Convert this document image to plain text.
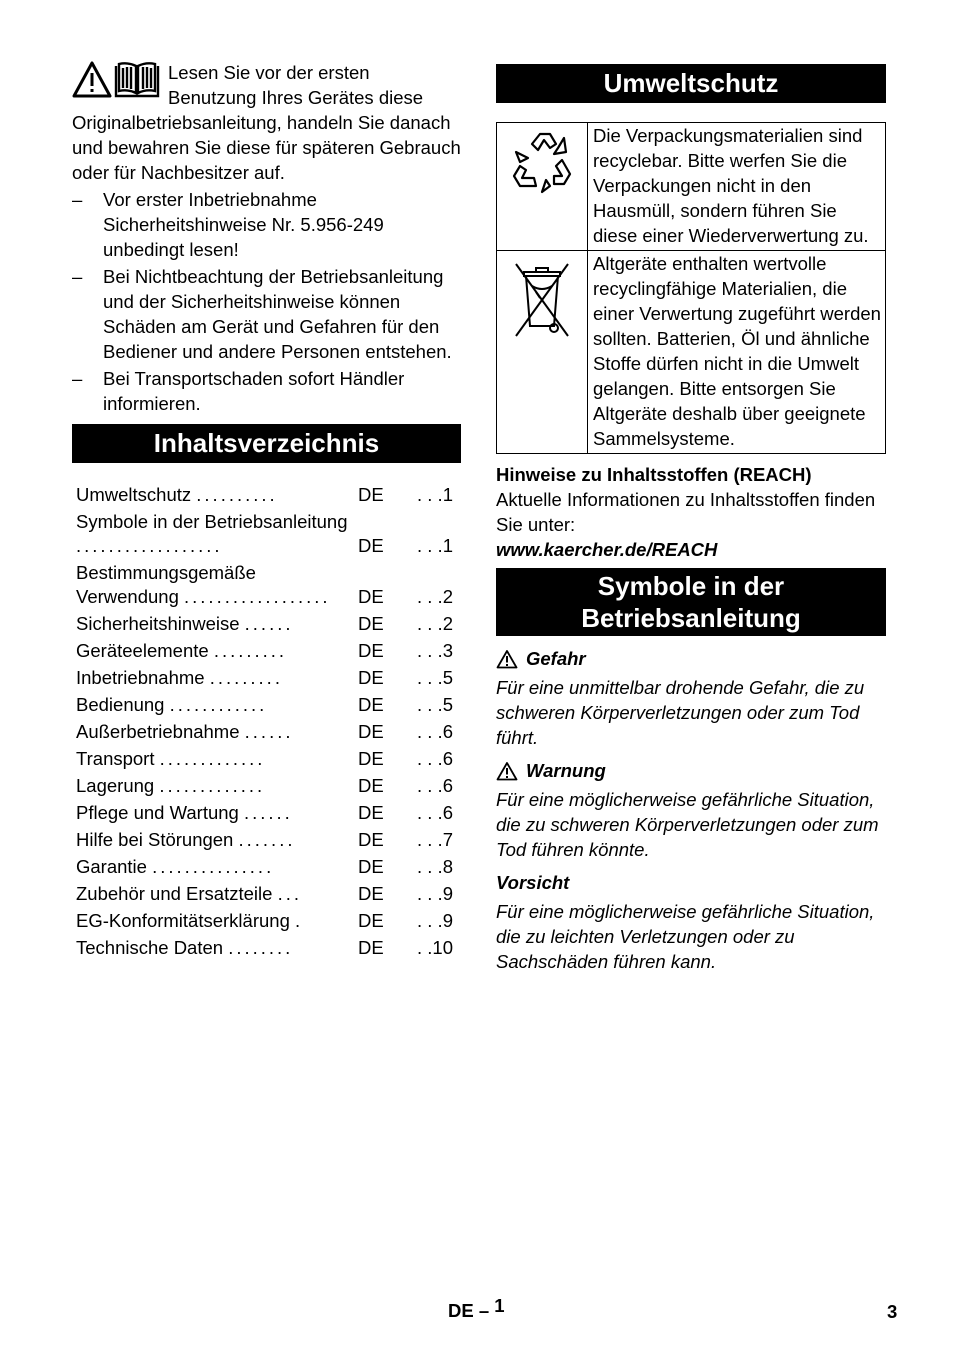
Lesen Sie vor der ersten Benutzung Ihres Gerätes diese Originalbetriebsanleitung, handeln Sie danach und bewahren Sie diese für späteren Gebrauch oder für Nachbesitzer auf.

– Vor erster Inbetriebnahme Sicherheitshinweise Nr. 5.956-249 unbedingt lesen!
– Bei Nichtbeachtung der Betriebsanleitung und der Sicherheitshinweise können Schäden am Gerät und Gefahren für den Bediener und andere Personen entstehen.
– Bei Transportschaden sofort Händler informieren.
Inhaltsverzeichnis
Umweltschutz ..........	DE	. . .1
Symbole in der Betriebsanleitung ..................	DE	. . .1
Bestimmungsgemäße Verwendung ..................	DE	. . .2
Sicherheitshinweise ......	DE	. . .2
Geräteelemente .........	DE	. . .3
Inbetriebnahme .........	DE	. . .5
Bedienung ............	DE	. . .5
Außerbetriebnahme ......	DE	. . .6
Transport .............	DE	. . .6
Lagerung .............	DE	. . .6
Pflege und Wartung ......	DE	. . .6
Hilfe bei Störungen .......	DE	. . .7
Garantie ...............	DE	. . .8
Zubehör und Ersatzteile ...	DE	. . .9
EG-Konformitätserklärung .	DE	. . .9
Technische Daten ........	DE	. .10
Umweltschutz
	Die Verpackungsmaterialien sind recyclebar. Bitte werfen Sie die Verpackungen nicht in den Hausmüll, sondern führen Sie diese einer Wiederverwertung zu.
	Altgeräte enthalten wertvolle recyclingfähige Materialien, die einer Verwertung zugeführt werden sollten. Batterien, Öl und ähnliche Stoffe dürfen nicht in die Umwelt gelangen. Bitte entsorgen Sie Altgeräte deshalb über geeignete Sammelsysteme.
Hinweise zu Inhaltsstoffen (REACH)
Aktuelle Informationen zu Inhaltsstoffen finden Sie unter:
www.kaercher.de/REACH
Symbole in der
Betriebsanleitung
Gefahr

Für eine unmittelbar drohende Gefahr, die zu schweren Körperverletzungen oder zum Tod führt.

Warnung

Für eine möglicherweise gefährliche Situation, die zu schweren Körperverletzungen oder zum Tod führen könnte.

Vorsicht

Für eine möglicherweise gefährliche Situation, die zu leichten Verletzungen oder zu Sachschäden führen kann.

DE – 1	3
